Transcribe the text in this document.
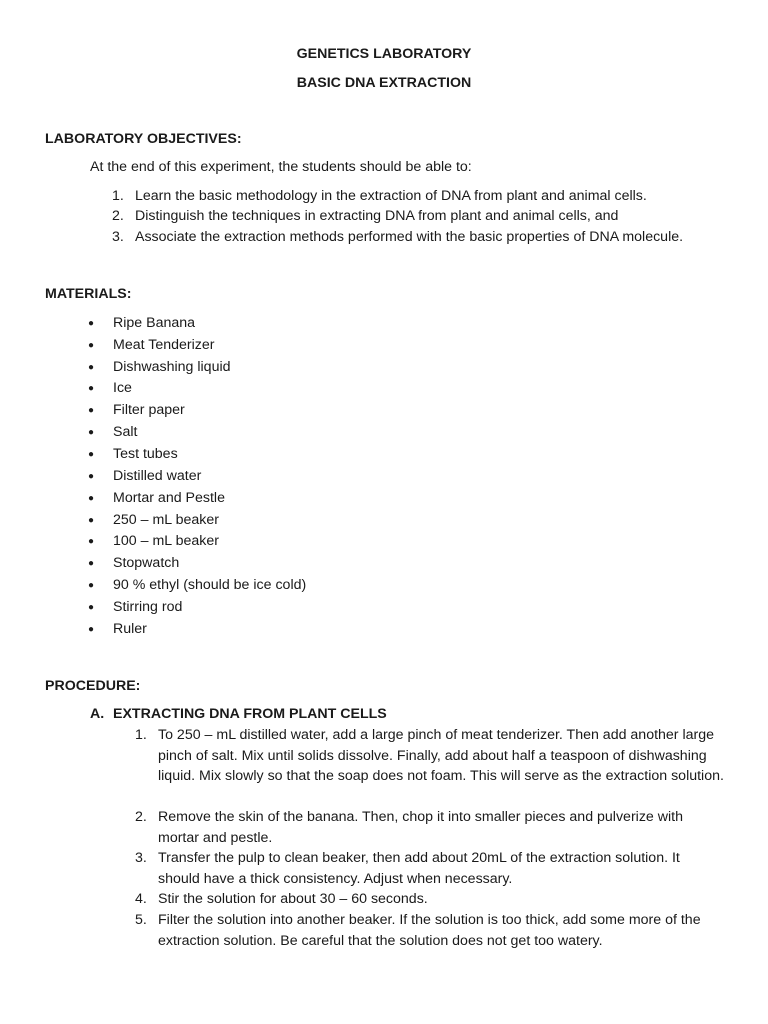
GENETICS LABORATORY
BASIC DNA EXTRACTION
LABORATORY OBJECTIVES:
At the end of this experiment, the students should be able to:
1. Learn the basic methodology in the extraction of DNA from plant and animal cells.
2. Distinguish the techniques in extracting DNA from plant and animal cells, and
3. Associate the extraction methods performed with the basic properties of DNA molecule.
MATERIALS:
● Ripe Banana
● Meat Tenderizer
● Dishwashing liquid
● Ice
● Filter paper
● Salt
● Test tubes
● Distilled water
● Mortar and Pestle
● 250 – mL beaker
● 100 – mL beaker
● Stopwatch
● 90 % ethyl (should be ice cold)
● Stirring rod
● Ruler
PROCEDURE:
A. EXTRACTING DNA FROM PLANT CELLS
1. To 250 – mL distilled water, add a large pinch of meat tenderizer. Then add another large pinch of salt. Mix until solids dissolve. Finally, add about half a teaspoon of dishwashing liquid. Mix slowly so that the soap does not foam. This will serve as the extraction solution.
2. Remove the skin of the banana. Then, chop it into smaller pieces and pulverize with mortar and pestle.
3. Transfer the pulp to clean beaker, then add about 20mL of the extraction solution. It should have a thick consistency. Adjust when necessary.
4. Stir the solution for about 30 – 60 seconds.
5. Filter the solution into another beaker. If the solution is too thick, add some more of the extraction solution. Be careful that the solution does not get too watery.
